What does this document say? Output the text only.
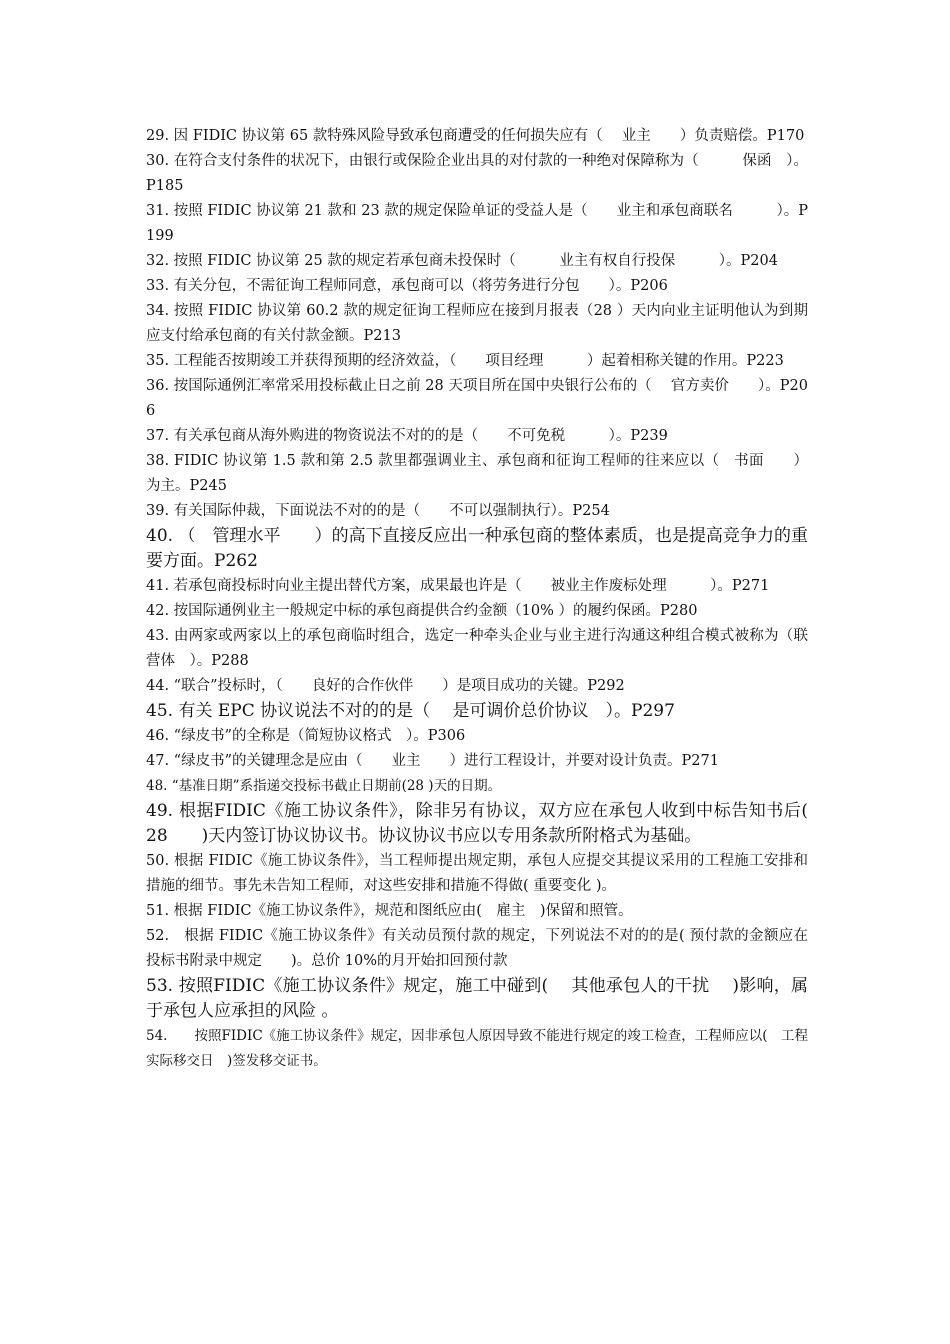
29. 因 FIDIC 协议第 65 款特殊风险导致承包商遭受的任何损失应有（　 业主　　）负责赔偿。P170

30. 在符合支付条件的状况下，由银行或保险企业出具的对付款的一种绝对保障称为（　　　保函　）。P185

31. 按照 FIDIC 协议第 21 款和 23 款的规定保险单证的受益人是（　　业主和承包商联名　　　）。P199

32. 按照 FIDIC 协议第 25 款的规定若承包商未投保时（　　　业主有权自行投保　　　）。P204

33. 有关分包，不需征询工程师同意，承包商可以（将劳务进行分包　　）。P206

34. 按照 FIDIC 协议第 60.2 款的规定征询工程师应在接到月报表（28 ）天内向业主证明他认为到期应支付给承包商的有关付款金额。P213

35. 工程能否按期竣工并获得预期的经济效益，（　　项目经理　　　）起着相称关键的作用。P223

36. 按国际通例汇率常采用投标截止日之前 28 天项目所在国中央银行公布的（　 官方卖价　　）。P206

37. 有关承包商从海外购进的物资说法不对的的是（　　不可免税　　　）。P239

38. FIDIC 协议第 1.5 款和第 2.5 款里都强调业主、承包商和征询工程师的往来应以（　书面　　）为主。P245

39. 有关国际仲裁，下面说法不对的的是（　　不可以强制执行）。P254

40. （　管理水平　　）的高下直接反应出一种承包商的整体素质，也是提高竞争力的重要方面。P262

41. 若承包商投标时向业主提出替代方案，成果最也许是（　　被业主作废标处理　　　）。P271

42. 按国际通例业主一般规定中标的承包商提供合约金额（10% ）的履约保函。P280

43. 由两家或两家以上的承包商临时组合，选定一种牵头企业与业主进行沟通这种组合模式被称为（联营体　）。P288

44. “联合”投标时，（　　良好的合作伙伴　　）是项目成功的关键。P292

45. 有关 EPC 协议说法不对的的是（　 是可调价总价协议　）。P297

46. “绿皮书”的全称是（简短协议格式　）。P306

47. “绿皮书”的关键理念是应由（　　业主　　）进行工程设计，并要对设计负责。P271

48. “基准日期”系指递交投标书截止日期前(28 )天的日期。

49. 根据FIDIC《施工协议条件》，除非另有协议，双方应在承包人收到中标告知书后(　　28　　)天内签订协议协议书。协议协议书应以专用条款所附格式为基础。

50. 根据 FIDIC《施工协议条件》，当工程师提出规定期，承包人应提交其提议采用的工程施工安排和措施的细节。事先未告知工程师，对这些安排和措施不得做( 重要变化 )。

51. 根据 FIDIC《施工协议条件》，规范和图纸应由(　雇主　)保留和照管。

52.　根据 FIDIC《施工协议条件》有关动员预付款的规定，下列说法不对的的是( 预付款的金额应在投标书附录中规定　　)。总价 10%的月开始扣回预付款

53. 按照FIDIC《施工协议条件》规定，施工中碰到(　 其他承包人的干扰　 )影响，属于承包人应承担的风险 。

54.　　按照FIDIC《施工协议条件》规定，因非承包人原因导致不能进行规定的竣工检查，工程师应以(　工程实际移交日　)签发移交证书。
